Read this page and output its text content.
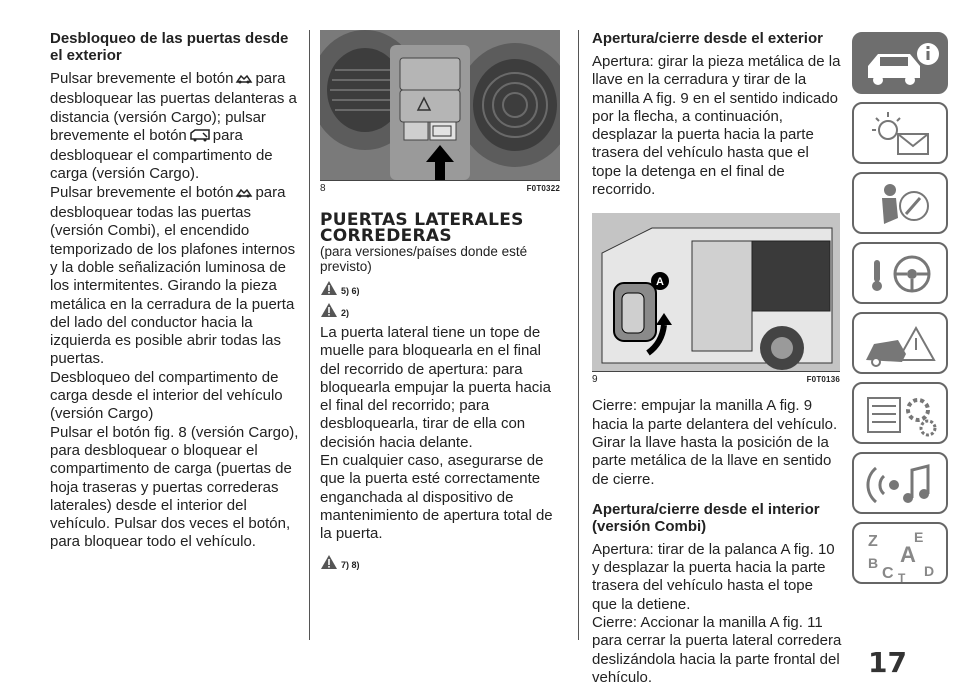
Desbloqueo de las puertas desde el exterior

Pulsar brevemente el botón para desbloquear las puertas delanteras a distancia (versión Cargo); pulsar brevemente el botón para desbloquear el compartimento de carga (versión Cargo).

Pulsar brevemente el botón para desbloquear todas las puertas (versión Combi), el encendido temporizado de los plafones internos y la doble señalización luminosa de los intermitentes. Girando la pieza metálica en la cerradura de la puerta del lado del conductor hacia la izquierda es posible abrir todas las puertas.

Desbloqueo del compartimento de carga desde el interior del vehículo (versión Cargo)

Pulsar el botón fig. 8 (versión Cargo), para desbloquear o bloquear el compartimento de carga (puertas de hoja traseras y puertas correderas laterales) desde el interior del vehículo. Pulsar dos veces el botón, para bloquear todo el vehículo.

8	F0T0322
PUERTAS LATERALES
CORREDERAS

(para versiones/países donde esté previsto)

5) 6)
2)

La puerta lateral tiene un tope de muelle para bloquearla en el final del recorrido de apertura: para bloquearla empujar la puerta hacia el final del recorrido; para desbloquearla, tirar de ella con decisión hacia delante.

En cualquier caso, asegurarse de que la puerta esté correctamente enganchada al dispositivo de mantenimiento de apertura total de la puerta.

7) 8)
Apertura/cierre desde el exterior

Apertura: girar la pieza metálica de la llave en la cerradura y tirar de la manilla A fig. 9 en el sentido indicado por la flecha, a continuación, desplazar la puerta hacia la parte trasera del vehículo hasta que el tope la detenga en el final de recorrido.

A
9	F0T0136

Cierre: empujar la manilla A fig. 9 hacia la parte delantera del vehículo. Girar la llave hasta la posición de la parte metálica de la llave en sentido de cierre.

Apertura/cierre desde el interior (versión Combi)

Apertura: tirar de la palanca A fig. 10 y desplazar la puerta hacia la parte trasera del vehículo hasta el tope que la detiene.

Cierre: Accionar la manilla A fig. 11 para cerrar la puerta lateral corredera deslizándola hacia la parte frontal del vehículo.

Z	E
A
B
C D
T
17
